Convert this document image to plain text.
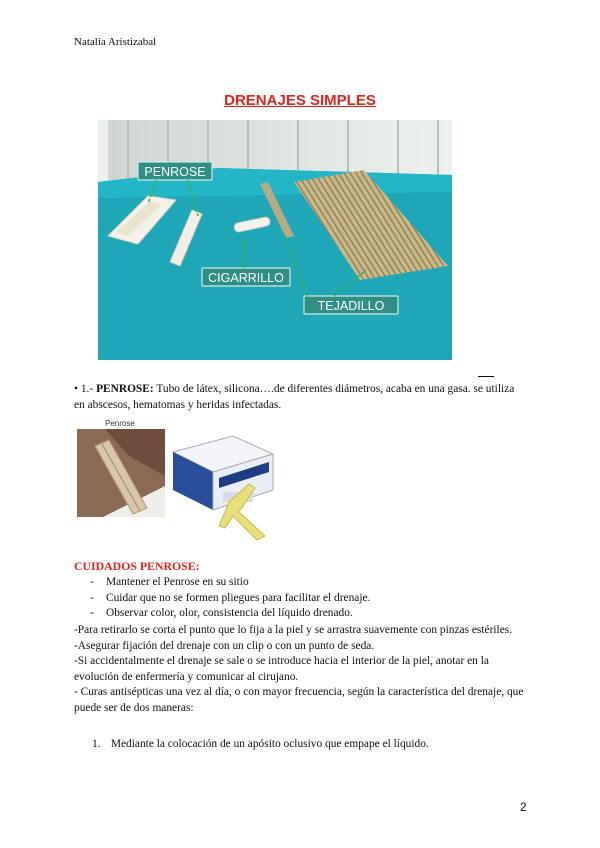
Natalia Aristizabal
DRENAJES SIMPLES
PENROSE
CIGARRILLO
TEJADILLO
• 1.- PENROSE: Tubo de látex, silicona….de diferentes diámetros, acaba en una gasa. se utiliza en abscesos, hematomas y heridas infectadas.
Penrose
CUIDADOS PENROSE:
- Mantener el Penrose en su sitio
- Cuidar que no se formen pliegues para facilitar el drenaje.
- Observar color, olor, consistencia del líquido drenado.

-Para retirarlo se corta el punto que lo fija a la piel y se arrastra suavemente con pinzas estériles.

-Asegurar fijación del drenaje con un clip o con un punto de seda.

-Si accidentalmente el drenaje se sale o se introduce hacia el interior de la piel, anotar en la evolución de enfermería y comunicar al cirujano.

- Curas antisépticas una vez al día, o con mayor frecuencia, según la característica del drenaje, que puede ser de dos maneras:

1. Mediante la colocación de un apósito oclusivo que empape el líquido.
2
